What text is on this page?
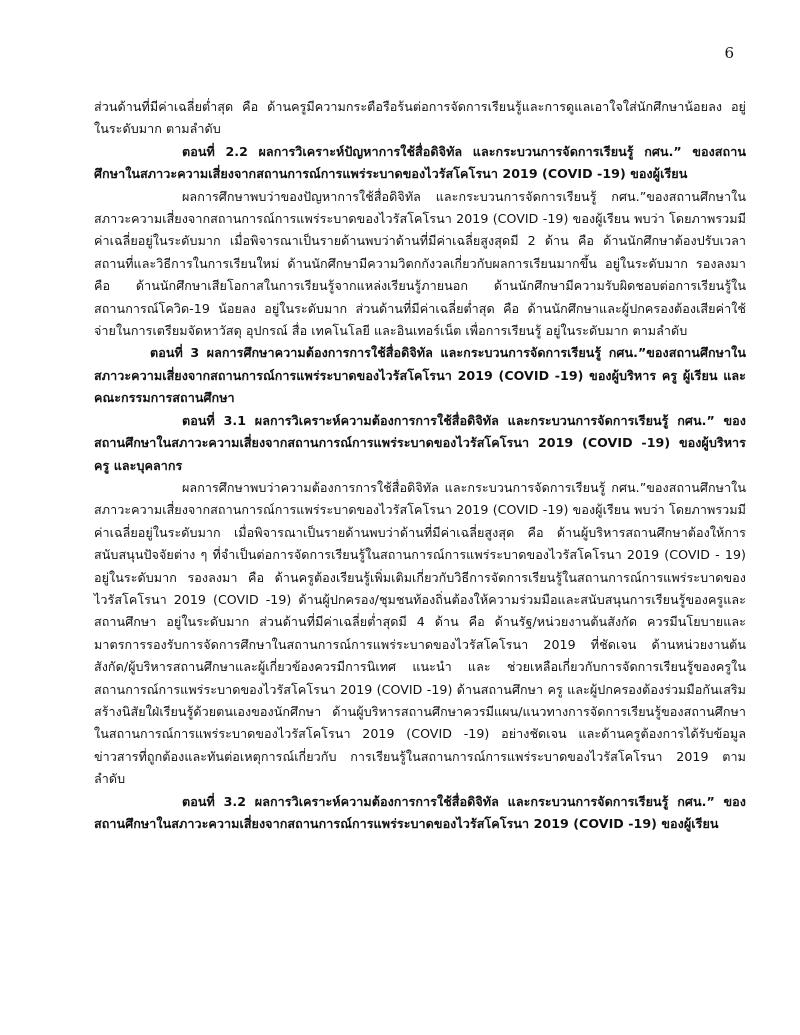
6

ส่วนด้านที่มีค่าเฉลี่ยต่ำสุด คือ ด้านครูมีความกระตือรือร้นต่อการจัดการเรียนรู้และการดูแลเอาใจใส่นักศึกษาน้อยลง อยู่ในระดับมาก ตามลำดับ

ตอนที่ 2.2 ผลการวิเคราะห์ปัญหาการใช้สื่อดิจิทัล และกระบวนการจัดการเรียนรู้ กศน.” ของสถานศึกษาในสภาวะความเสี่ยงจากสถานการณ์การแพร่ระบาดของไวรัสโคโรนา 2019 (COVID -19) ของผู้เรียน

ผลการศึกษาพบว่าของปัญหาการใช้สื่อดิจิทัล และกระบวนการจัดการเรียนรู้ กศน.”ของสถานศึกษาในสภาวะความเสี่ยงจากสถานการณ์การแพร่ระบาดของไวรัสโคโรนา 2019 (COVID -19) ของผู้เรียน พบว่า โดยภาพรวมมีค่าเฉลี่ยอยู่ในระดับมาก เมื่อพิจารณาเป็นรายด้านพบว่าด้านที่มีค่าเฉลี่ยสูงสุดมี 2 ด้าน คือ ด้านนักศึกษาต้องปรับเวลาสถานที่และวิธีการในการเรียนใหม่ ด้านนักศึกษามีความวิตกกังวลเกี่ยวกับผลการเรียนมากขึ้น อยู่ในระดับมาก รองลงมาคือ ด้านนักศึกษาเสียโอกาสในการเรียนรู้จากแหล่งเรียนรู้ภายนอก ด้านนักศึกษามีความรับผิดชอบต่อการเรียนรู้ในสถานการณ์โควิด-19 น้อยลง อยู่ในระดับมาก ส่วนด้านที่มีค่าเฉลี่ยต่ำสุด คือ ด้านนักศึกษาและผู้ปกครองต้องเสียค่าใช้จ่ายในการเตรียมจัดหาวัสดุ อุปกรณ์ สื่อ เทคโนโลยี และอินเทอร์เน็ต เพื่อการเรียนรู้ อยู่ในระดับมาก ตามลำดับ

ตอนที่ 3 ผลการศึกษาความต้องการการใช้สื่อดิจิทัล และกระบวนการจัดการเรียนรู้ กศน.”ของสถานศึกษาในสภาวะความเสี่ยงจากสถานการณ์การแพร่ระบาดของไวรัสโคโรนา 2019 (COVID -19) ของผู้บริหาร ครู ผู้เรียน และคณะกรรมการสถานศึกษา

ตอนที่ 3.1 ผลการวิเคราะห์ความต้องการการใช้สื่อดิจิทัล และกระบวนการจัดการเรียนรู้ กศน.” ของสถานศึกษาในสภาวะความเสี่ยงจากสถานการณ์การแพร่ระบาดของไวรัสโคโรนา 2019 (COVID -19) ของผู้บริหาร ครู และบุคลากร

ผลการศึกษาพบว่าความต้องการการใช้สื่อดิจิทัล และกระบวนการจัดการเรียนรู้ กศน.”ของสถานศึกษาในสภาวะความเสี่ยงจากสถานการณ์การแพร่ระบาดของไวรัสโคโรนา 2019 (COVID -19) ของผู้เรียน พบว่า โดยภาพรวมมีค่าเฉลี่ยอยู่ในระดับมาก เมื่อพิจารณาเป็นรายด้านพบว่าด้านที่มีค่าเฉลี่ยสูงสุด คือ ด้านผู้บริหารสถานศึกษาต้องให้การสนับสนุนปัจจัยต่าง ๆ ที่จำเป็นต่อการจัดการเรียนรู้ในสถานการณ์การแพร่ระบาดของไวรัสโคโรนา 2019 (COVID - 19) อยู่ในระดับมาก รองลงมา คือ ด้านครูต้องเรียนรู้เพิ่มเติมเกี่ยวกับวิธีการจัดการเรียนรู้ในสถานการณ์การแพร่ระบาดของไวรัสโคโรนา 2019 (COVID -19) ด้านผู้ปกครอง/ชุมชนท้องถิ่นต้องให้ความร่วมมือและสนับสนุนการเรียนรู้ของครูและสถานศึกษา อยู่ในระดับมาก ส่วนด้านที่มีค่าเฉลี่ยต่ำสุดมี 4 ด้าน คือ ด้านรัฐ/หน่วยงานต้นสังกัด ควรมีนโยบายและมาตรการรองรับการจัดการศึกษาในสถานการณ์การแพร่ระบาดของไวรัสโคโรนา 2019 ที่ชัดเจน ด้านหน่วยงานต้นสังกัด/ผู้บริหารสถานศึกษาและผู้เกี่ยวข้องควรมีการนิเทศ แนะนำ และ ช่วยเหลือเกี่ยวกับการจัดการเรียนรู้ของครูในสถานการณ์การแพร่ระบาดของไวรัสโคโรนา 2019 (COVID -19) ด้านสถานศึกษา ครู และผู้ปกครองต้องร่วมมือกันเสริมสร้างนิสัยใฝ่เรียนรู้ด้วยตนเองของนักศึกษา ด้านผู้บริหารสถานศึกษาควรมีแผน/แนวทางการจัดการเรียนรู้ของสถานศึกษาในสถานการณ์การแพร่ระบาดของไวรัสโคโรนา 2019 (COVID -19) อย่างชัดเจน และด้านครูต้องการได้รับข้อมูลข่าวสารที่ถูกต้องและทันต่อเหตุการณ์เกี่ยวกับ การเรียนรู้ในสถานการณ์การแพร่ระบาดของไวรัสโคโรนา 2019 ตามลำดับ

ตอนที่ 3.2 ผลการวิเคราะห์ความต้องการการใช้สื่อดิจิทัล และกระบวนการจัดการเรียนรู้ กศน.” ของสถานศึกษาในสภาวะความเสี่ยงจากสถานการณ์การแพร่ระบาดของไวรัสโคโรนา 2019 (COVID -19) ของผู้เรียน
